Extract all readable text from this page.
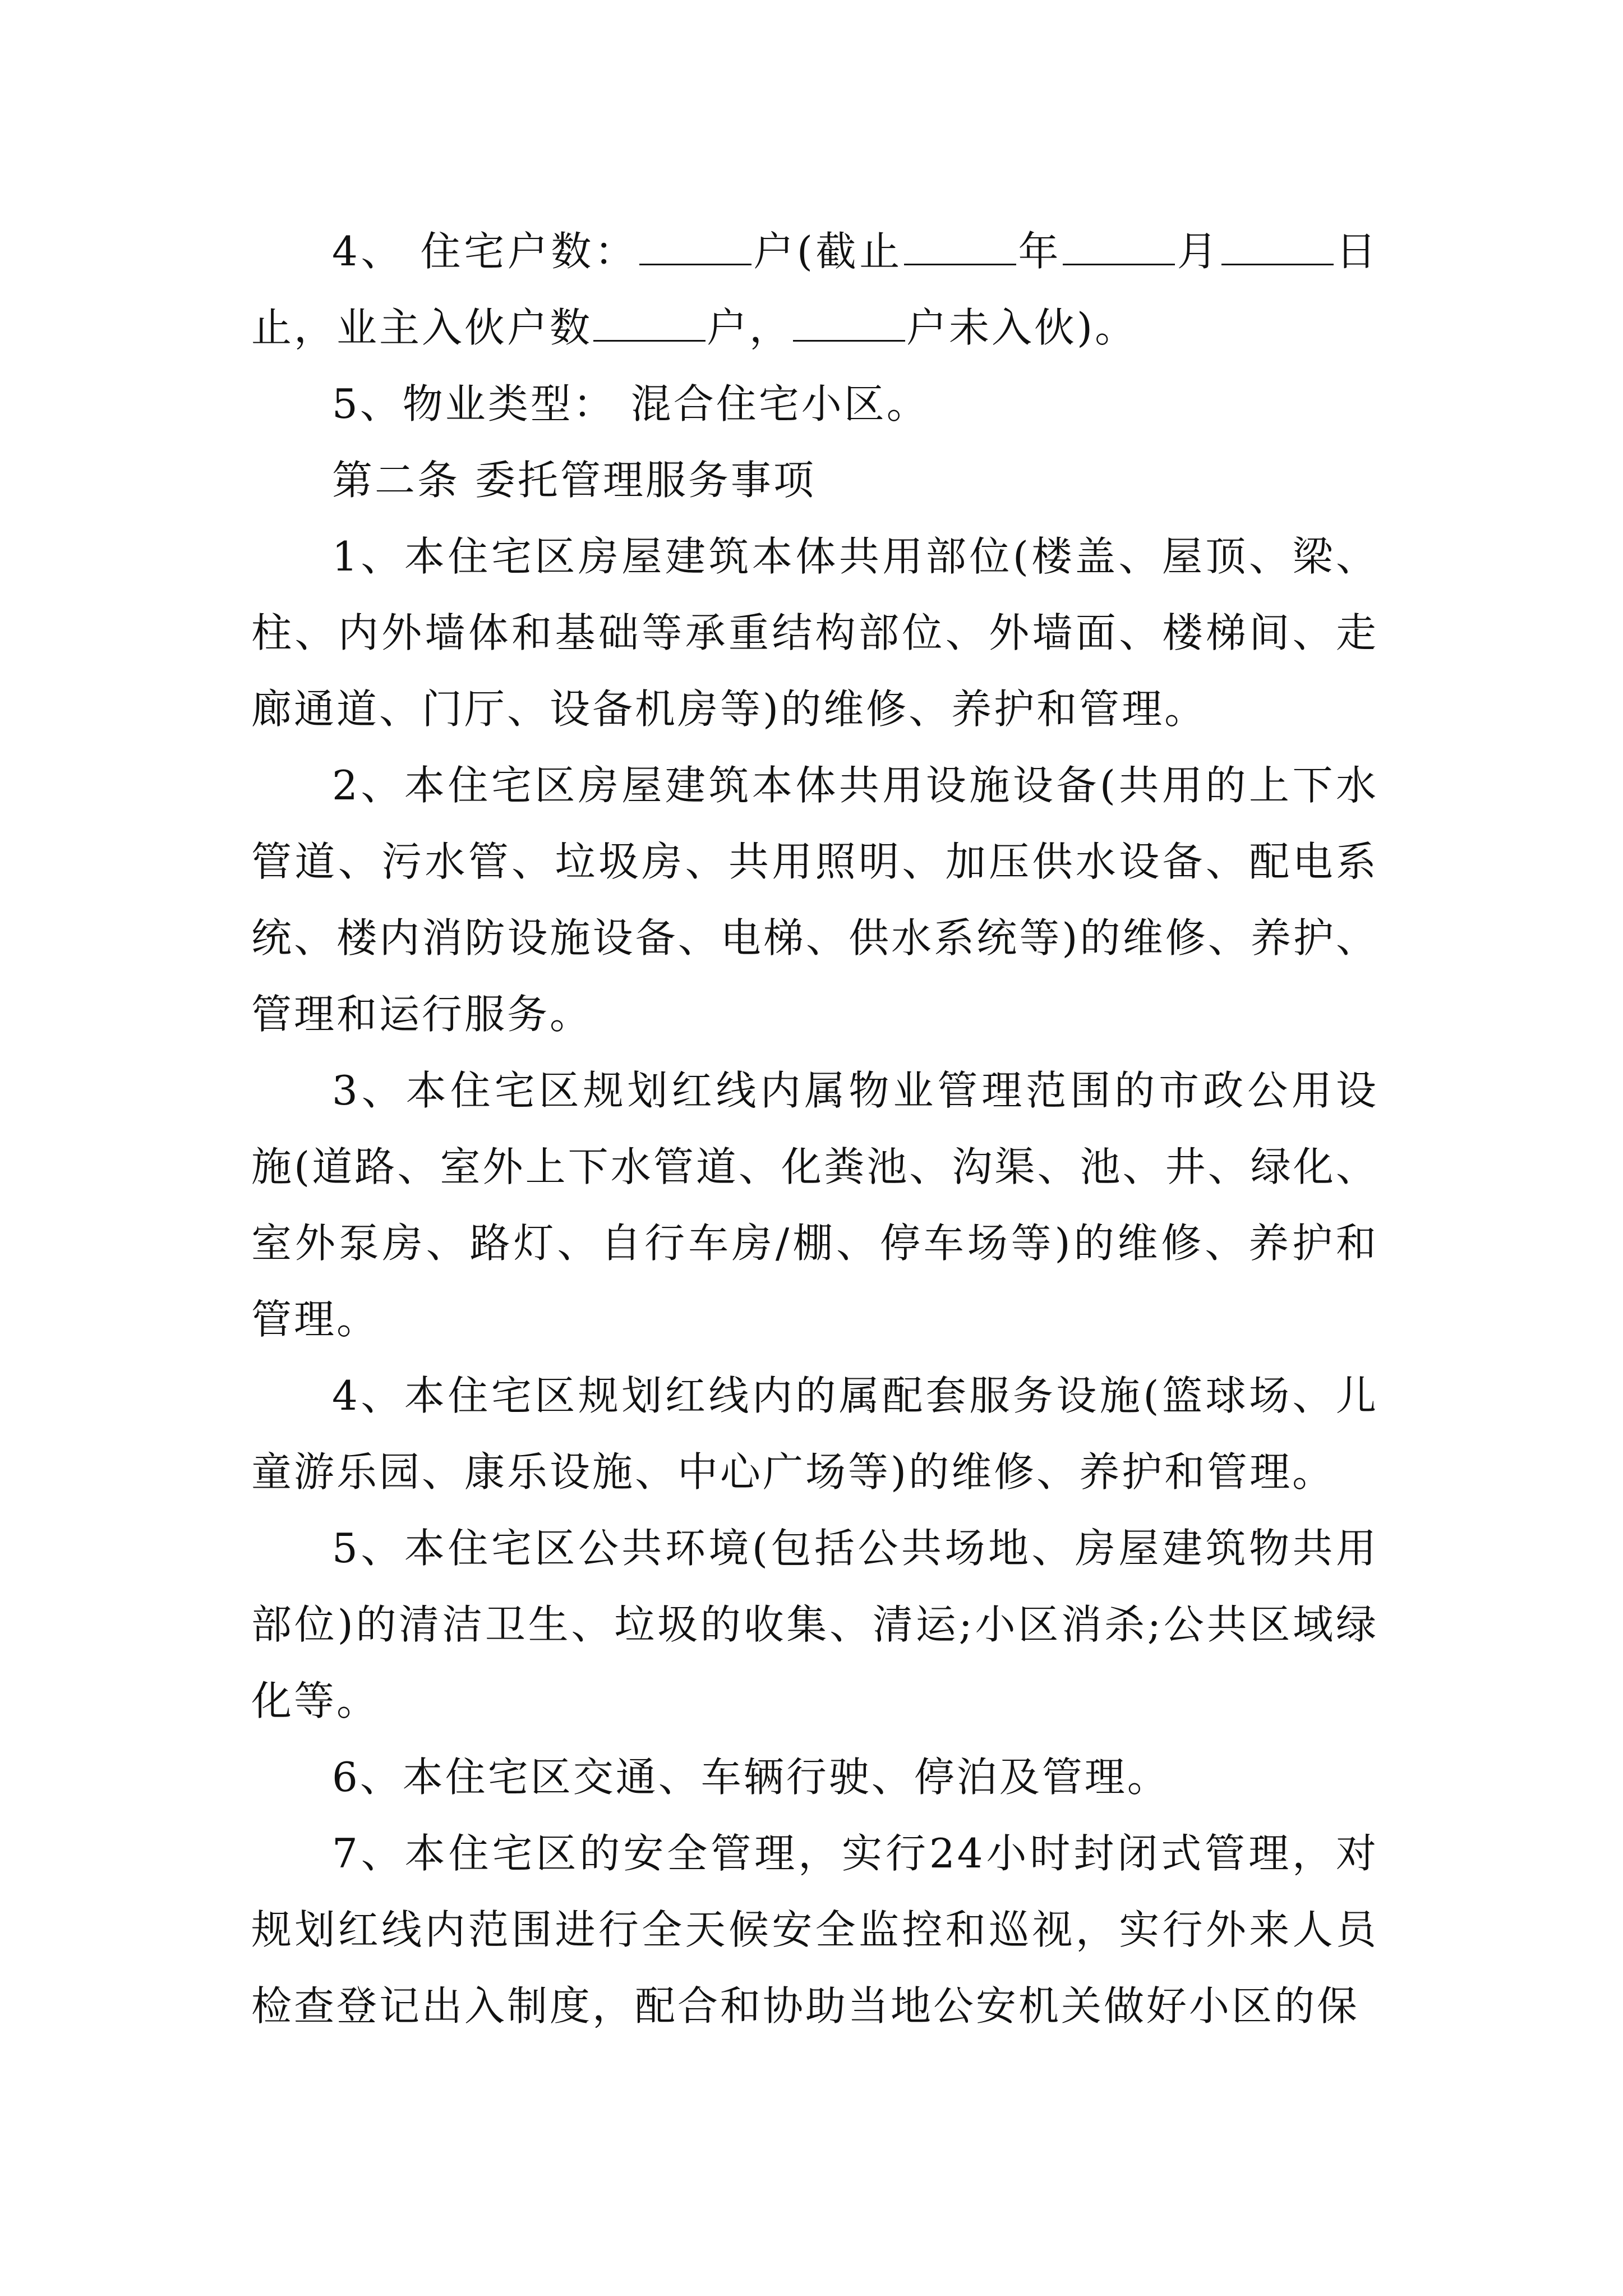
4、 住宅户数：	户(截止	年	月	日止，业主入伙户数	户，	户未入伙)。

5、物业类型： 混合住宅小区。

第二条 委托管理服务事项

1、本住宅区房屋建筑本体共用部位(楼盖、屋顶、梁、柱、内外墙体和基础等承重结构部位、外墙面、楼梯间、走廊通道、门厅、设备机房等)的维修、养护和管理。

2、本住宅区房屋建筑本体共用设施设备(共用的上下水管道、污水管、垃圾房、共用照明、加压供水设备、配电系统、楼内消防设施设备、电梯、供水系统等)的维修、养护、管理和运行服务。

3、本住宅区规划红线内属物业管理范围的市政公用设施(道路、室外上下水管道、化粪池、沟渠、池、井、绿化、室外泵房、路灯、自行车房/棚、停车场等)的维修、养护和管理。

4、本住宅区规划红线内的属配套服务设施(篮球场、儿童游乐园、康乐设施、中心广场等)的维修、养护和管理。

5、本住宅区公共环境(包括公共场地、房屋建筑物共用部位)的清洁卫生、垃圾的收集、清运;小区消杀;公共区域绿化等。

6、本住宅区交通、车辆行驶、停泊及管理。

7、本住宅区的安全管理，实行24小时封闭式管理，对规划红线内范围进行全天候安全监控和巡视，实行外来人员检查登记出入制度，配合和协助当地公安机关做好小区的保
